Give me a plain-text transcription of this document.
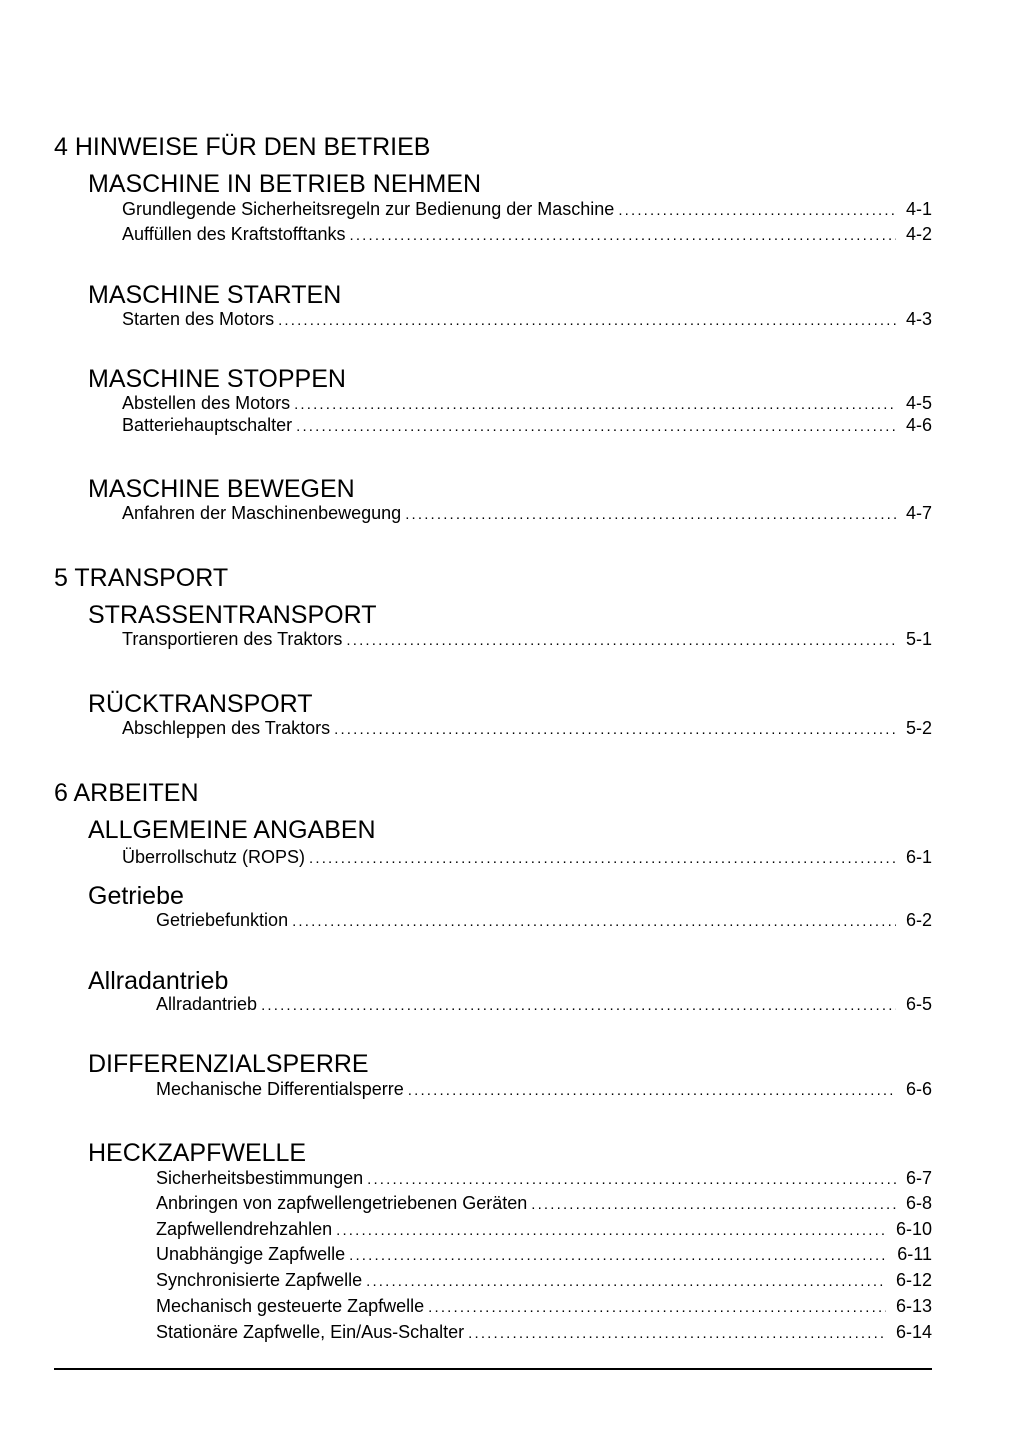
4 HINWEISE FÜR DEN BETRIEB
MASCHINE IN BETRIEB NEHMEN
Grundlegende Sicherheitsregeln zur Bedienung der Maschine . . .	4-1
Auffüllen des Kraftstofftanks . . .	4-2
MASCHINE STARTEN
Starten des Motors . . .	4-3
MASCHINE STOPPEN
Abstellen des Motors . . .	4-5
Batteriehauptschalter . . .	4-6
MASCHINE BEWEGEN
Anfahren der Maschinenbewegung . . .	4-7
5 TRANSPORT
STRASSENTRANSPORT
Transportieren des Traktors . . .	5-1
RÜCKTRANSPORT
Abschleppen des Traktors . . .	5-2
6 ARBEITEN
ALLGEMEINE ANGABEN
Überrollschutz (ROPS) . . .	6-1
Getriebe
Getriebefunktion . . .	6-2
Allradantrieb
Allradantrieb . . .	6-5
DIFFERENZIALSPERRE
Mechanische Differentialsperre . . .	6-6
HECKZAPFWELLE
Sicherheitsbestimmungen . . .	6-7
Anbringen von zapfwellengetriebenen Geräten . . .	6-8
Zapfwellendrehzahlen . . .	6-10
Unabhängige Zapfwelle . . .	6-11
Synchronisierte Zapfwelle . . .	6-12
Mechanisch gesteuerte Zapfwelle . . .	6-13
Stationäre Zapfwelle, Ein/Aus-Schalter . . .	6-14
